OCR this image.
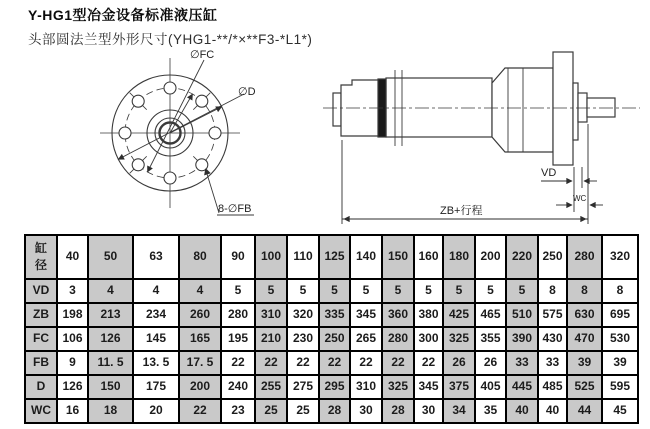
Y-HG1型冶金设备标准液压缸
头部圆法兰型外形尺寸(YHG1-**/*×**F3-*L1*)
∅FC
∅D
8-∅FB
VD
WC
ZB+行程
缸径	40	50	63	80	90	100	110	125	140	150	160	180	200	220	250	280	320
VD	3	4	4	4	5	5	5	5	5	5	5	5	5	5	8	8	8
ZB	198	213	234	260	280	310	320	335	345	360	380	425	465	510	575	630	695
FC	106	126	145	165	195	210	230	250	265	280	300	325	355	390	430	470	530
FB	9	11. 5	13. 5	17. 5	22	22	22	22	22	22	22	26	26	33	33	39	39
D	126	150	175	200	240	255	275	295	310	325	345	375	405	445	485	525	595
WC	16	18	20	22	23	25	25	28	30	28	30	34	35	40	40	44	45
